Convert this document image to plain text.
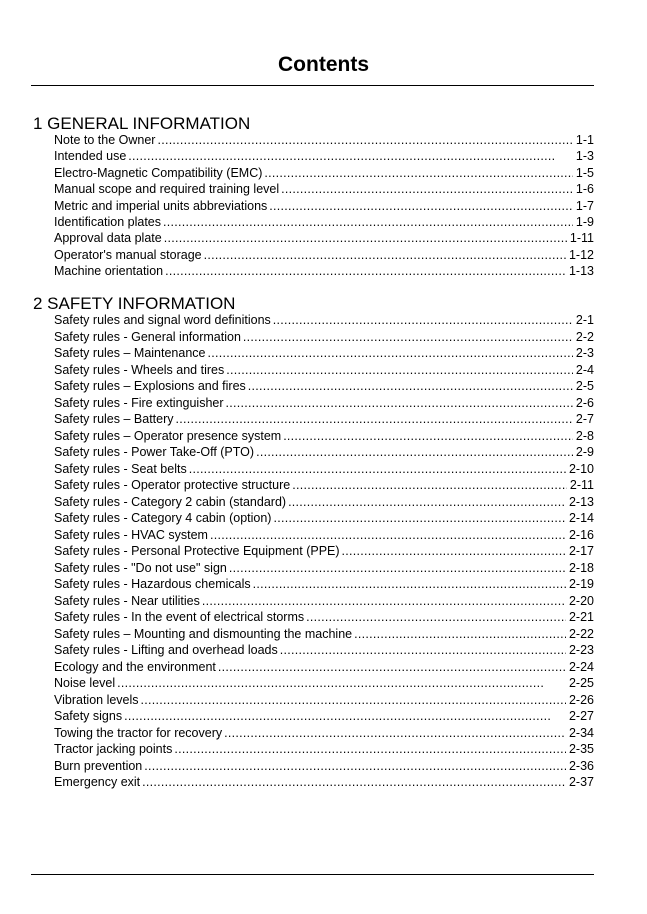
Contents
1 GENERAL INFORMATION
Note to the Owner . . .	1-1
Intended use . . .	1-3
Electro-Magnetic Compatibility (EMC) . . .	1-5
Manual scope and required training level . . .	1-6
Metric and imperial units abbreviations . . .	1-7
Identification plates . . .	1-9
Approval data plate . . .	1-11
Operator's manual storage . . .	1-12
Machine orientation . . .	1-13
2 SAFETY INFORMATION
Safety rules and signal word definitions . . .	2-1
Safety rules - General information . . .	2-2
Safety rules – Maintenance . . .	2-3
Safety rules - Wheels and tires . . .	2-4
Safety rules – Explosions and fires . . .	2-5
Safety rules - Fire extinguisher . . .	2-6
Safety rules – Battery . . .	2-7
Safety rules – Operator presence system . . .	2-8
Safety rules - Power Take-Off (PTO) . . .	2-9
Safety rules - Seat belts . . .	2-10
Safety rules - Operator protective structure . . .	2-11
Safety rules - Category 2 cabin (standard) . . .	2-13
Safety rules - Category 4 cabin (option) . . .	2-14
Safety rules - HVAC system . . .	2-16
Safety rules - Personal Protective Equipment (PPE) . . .	2-17
Safety rules - "Do not use" sign . . .	2-18
Safety rules - Hazardous chemicals . . .	2-19
Safety rules - Near utilities . . .	2-20
Safety rules - In the event of electrical storms . . .	2-21
Safety rules – Mounting and dismounting the machine . . .	2-22
Safety rules - Lifting and overhead loads . . .	2-23
Ecology and the environment . . .	2-24
Noise level . . .	2-25
Vibration levels . . .	2-26
Safety signs . . .	2-27
Towing the tractor for recovery . . .	2-34
Tractor jacking points . . .	2-35
Burn prevention . . .	2-36
Emergency exit . . .	2-37
